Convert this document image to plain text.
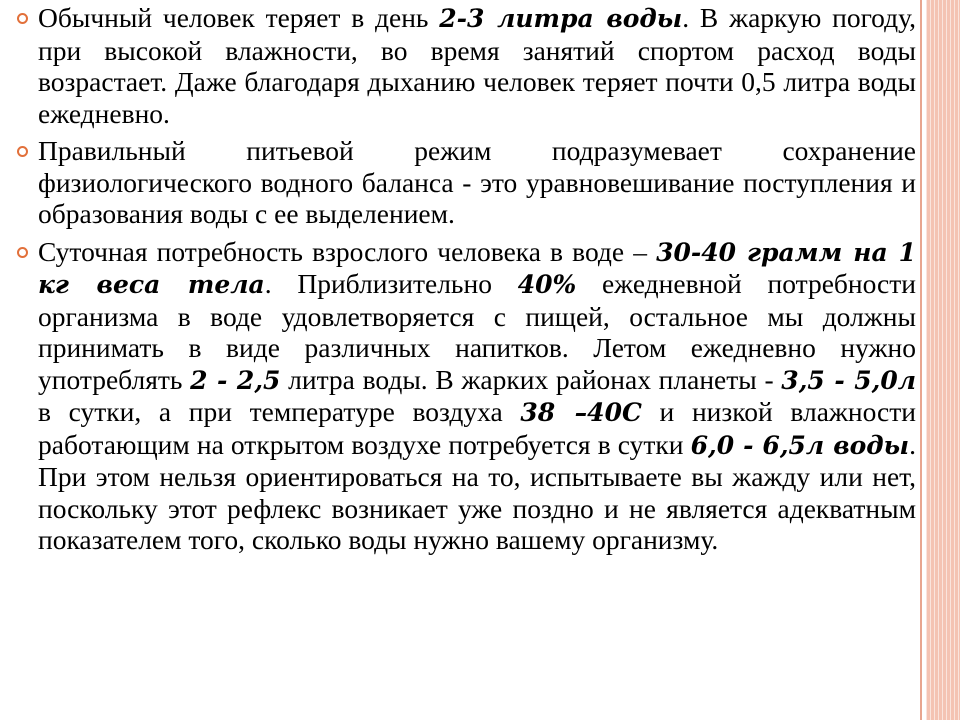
Обычный человек теряет в день 2-3 литра воды. В жаркую погоду, при высокой влажности, во время занятий спортом расход воды возрастает. Даже благодаря дыханию человек теряет почти 0,5 литра воды ежедневно.

Правильный питьевой режим подразумевает сохранение физиологического водного баланса - это уравновешивание поступления и образования воды с ее выделением.

Суточная потребность взрослого человека в воде – 30-40 грамм на 1 кг веса тела. Приблизительно 40% ежедневной потребности организма в воде удовлетворяется с пищей, остальное мы должны принимать в виде различных напитков. Летом ежедневно нужно употреблять 2 - 2,5 литра воды. В жарких районах планеты - 3,5 - 5,0л в сутки, а при температуре воздуха 38 –40С и низкой влажности работающим на открытом воздухе потребуется в сутки 6,0 - 6,5л воды. При этом нельзя ориентироваться на то, испытываете вы жажду или нет, поскольку этот рефлекс возникает уже поздно и не является адекватным показателем того, сколько воды нужно вашему организму.
